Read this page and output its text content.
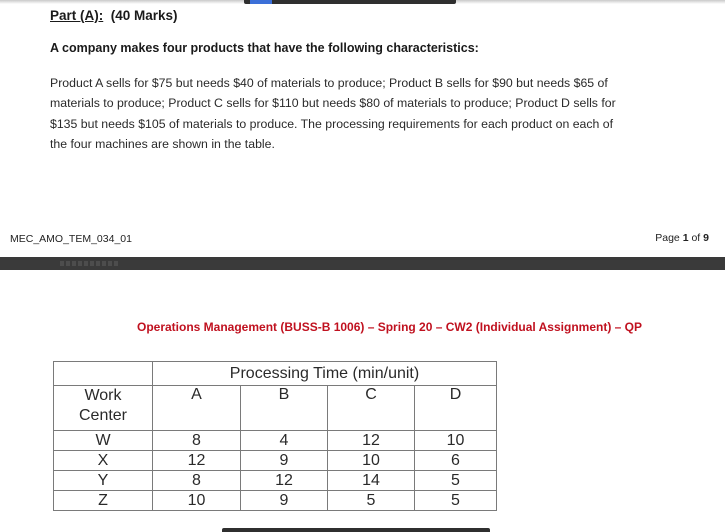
Part (A): (40 Marks)
A company makes four products that have the following characteristics:
Product A sells for $75 but needs $40 of materials to produce; Product B sells for $90 but needs $65 of
materials to produce; Product C sells for $110 but needs $80 of materials to produce; Product D sells for
$135 but needs $105 of materials to produce. The processing requirements for each product on each of
the four machines are shown in the table.
MEC_AMO_TEM_034_01	Page 1 of 9
Operations Management (BUSS-B 1006) – Spring 20 – CW2 (Individual Assignment) – QP
	Processing Time (min/unit)			

Work
Center	A	B	C	D
W	8	4	12	10
X	12	9	10	6
Y	8	12	14	5
Z	10	9	5	5
